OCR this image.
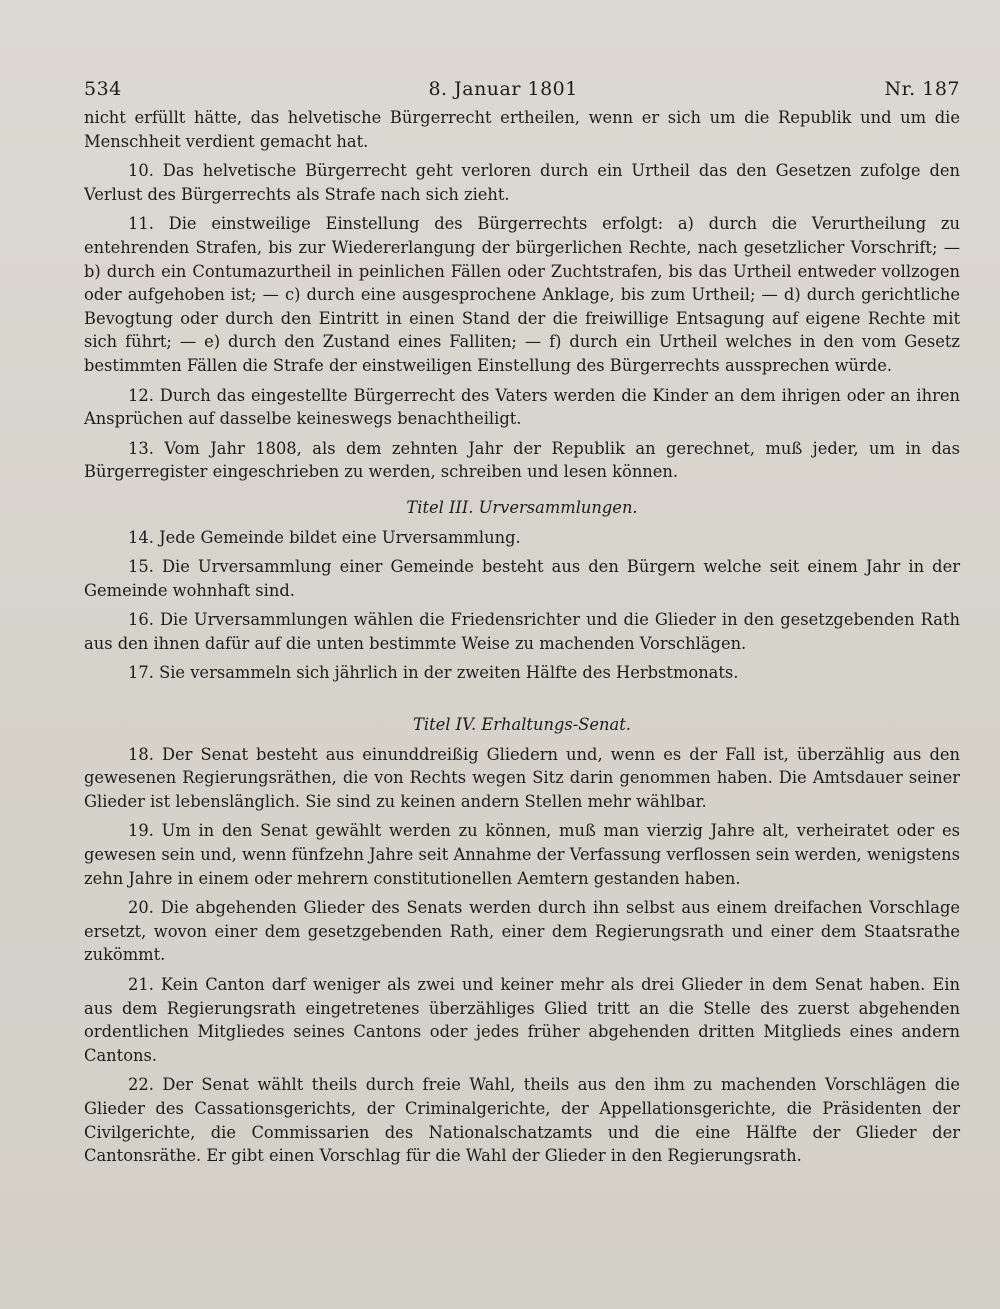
534	8. Januar 1801	Nr. 187

nicht erfüllt hätte, das helvetische Bürgerrecht ertheilen, wenn er sich um die Republik und um die Menschheit verdient gemacht hat.

10. Das helvetische Bürgerrecht geht verloren durch ein Urtheil das den Gesetzen zufolge den Verlust des Bürgerrechts als Strafe nach sich zieht.

11. Die einstweilige Einstellung des Bürgerrechts erfolgt: a) durch die Verurtheilung zu entehrenden Strafen, bis zur Wiedererlangung der bürgerlichen Rechte, nach gesetzlicher Vorschrift; — b) durch ein Contumazurtheil in peinlichen Fällen oder Zuchtstrafen, bis das Urtheil entweder vollzogen oder aufgehoben ist; — c) durch eine ausgesprochene Anklage, bis zum Urtheil; — d) durch gerichtliche Bevogtung oder durch den Eintritt in einen Stand der die freiwillige Entsagung auf eigene Rechte mit sich führt; — e) durch den Zustand eines Falliten; — f) durch ein Urtheil welches in den vom Gesetz bestimmten Fällen die Strafe der einstweiligen Einstellung des Bürgerrechts aussprechen würde.

12. Durch das eingestellte Bürgerrecht des Vaters werden die Kinder an dem ihrigen oder an ihren Ansprüchen auf dasselbe keineswegs benachtheiligt.

13. Vom Jahr 1808, als dem zehnten Jahr der Republik an gerechnet, muß jeder, um in das Bürgerregister eingeschrieben zu werden, schreiben und lesen können.

Titel III. Urversammlungen.

14. Jede Gemeinde bildet eine Urversammlung.

15. Die Urversammlung einer Gemeinde besteht aus den Bürgern welche seit einem Jahr in der Gemeinde wohnhaft sind.

16. Die Urversammlungen wählen die Friedensrichter und die Glieder in den gesetzgebenden Rath aus den ihnen dafür auf die unten bestimmte Weise zu machenden Vorschlägen.

17. Sie versammeln sich jährlich in der zweiten Hälfte des Herbstmonats.

Titel IV. Erhaltungs-Senat.

18. Der Senat besteht aus einunddreißig Gliedern und, wenn es der Fall ist, überzählig aus den gewesenen Regierungsräthen, die von Rechts wegen Sitz darin genommen haben. Die Amtsdauer seiner Glieder ist lebenslänglich. Sie sind zu keinen andern Stellen mehr wählbar.

19. Um in den Senat gewählt werden zu können, muß man vierzig Jahre alt, verheiratet oder es gewesen sein und, wenn fünfzehn Jahre seit Annahme der Verfassung verflossen sein werden, wenigstens zehn Jahre in einem oder mehrern constitutionellen Aemtern gestanden haben.

20. Die abgehenden Glieder des Senats werden durch ihn selbst aus einem dreifachen Vorschlage ersetzt, wovon einer dem gesetzgebenden Rath, einer dem Regierungsrath und einer dem Staatsrathe zukömmt.

21. Kein Canton darf weniger als zwei und keiner mehr als drei Glieder in dem Senat haben. Ein aus dem Regierungsrath eingetretenes überzähliges Glied tritt an die Stelle des zuerst abgehenden ordentlichen Mitgliedes seines Cantons oder jedes früher abgehenden dritten Mitglieds eines andern Cantons.

22. Der Senat wählt theils durch freie Wahl, theils aus den ihm zu machenden Vorschlägen die Glieder des Cassationsgerichts, der Criminalgerichte, der Appellationsgerichte, die Präsidenten der Civilgerichte, die Commissarien des Nationalschatzamts und die eine Hälfte der Glieder der Cantonsräthe. Er gibt einen Vorschlag für die Wahl der Glieder in den Regierungsrath.
